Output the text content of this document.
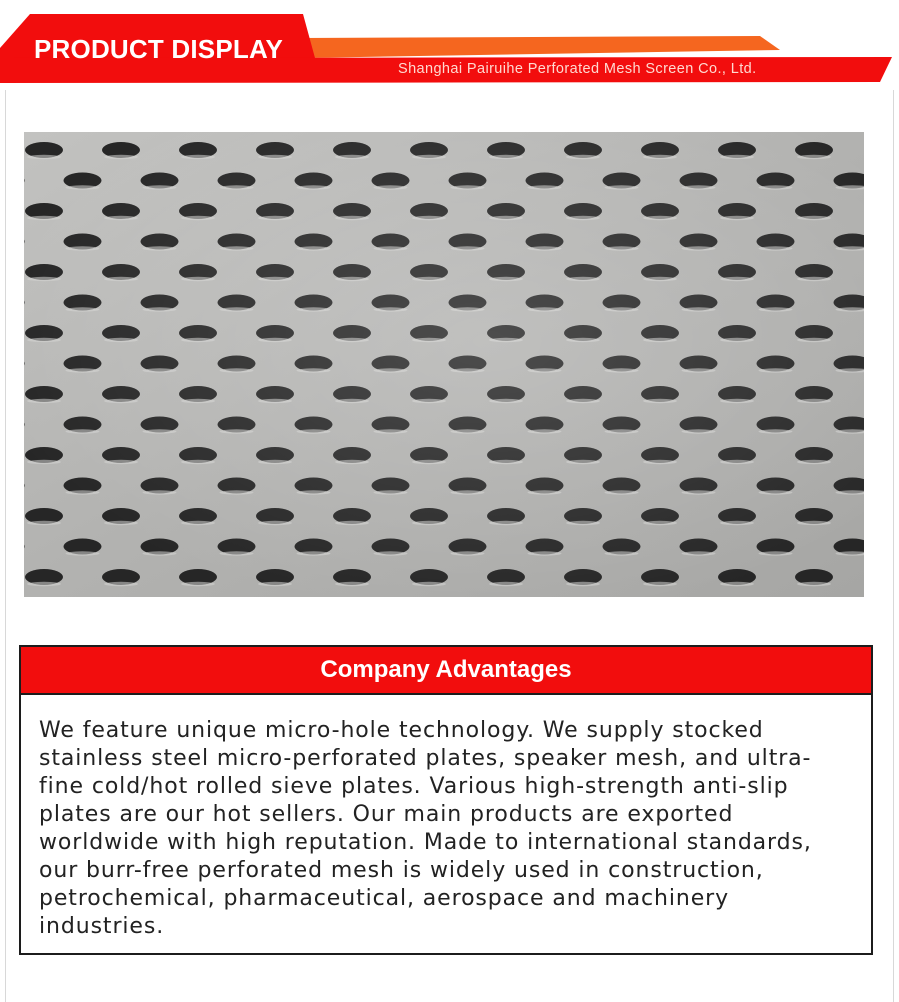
PRODUCT DISPLAY
Shanghai Pairuihe Perforated Mesh Screen Co., Ltd.
Company Advantages
We feature unique micro-hole technology. We supply stocked stainless steel micro-perforated plates, speaker mesh, and ultra-fine cold/hot rolled sieve plates. Various high-strength anti-slip plates are our hot sellers. Our main products are exported worldwide with high reputation. Made to international standards, our burr-free perforated mesh is widely used in construction, petrochemical, pharmaceutical, aerospace and machinery industries.
